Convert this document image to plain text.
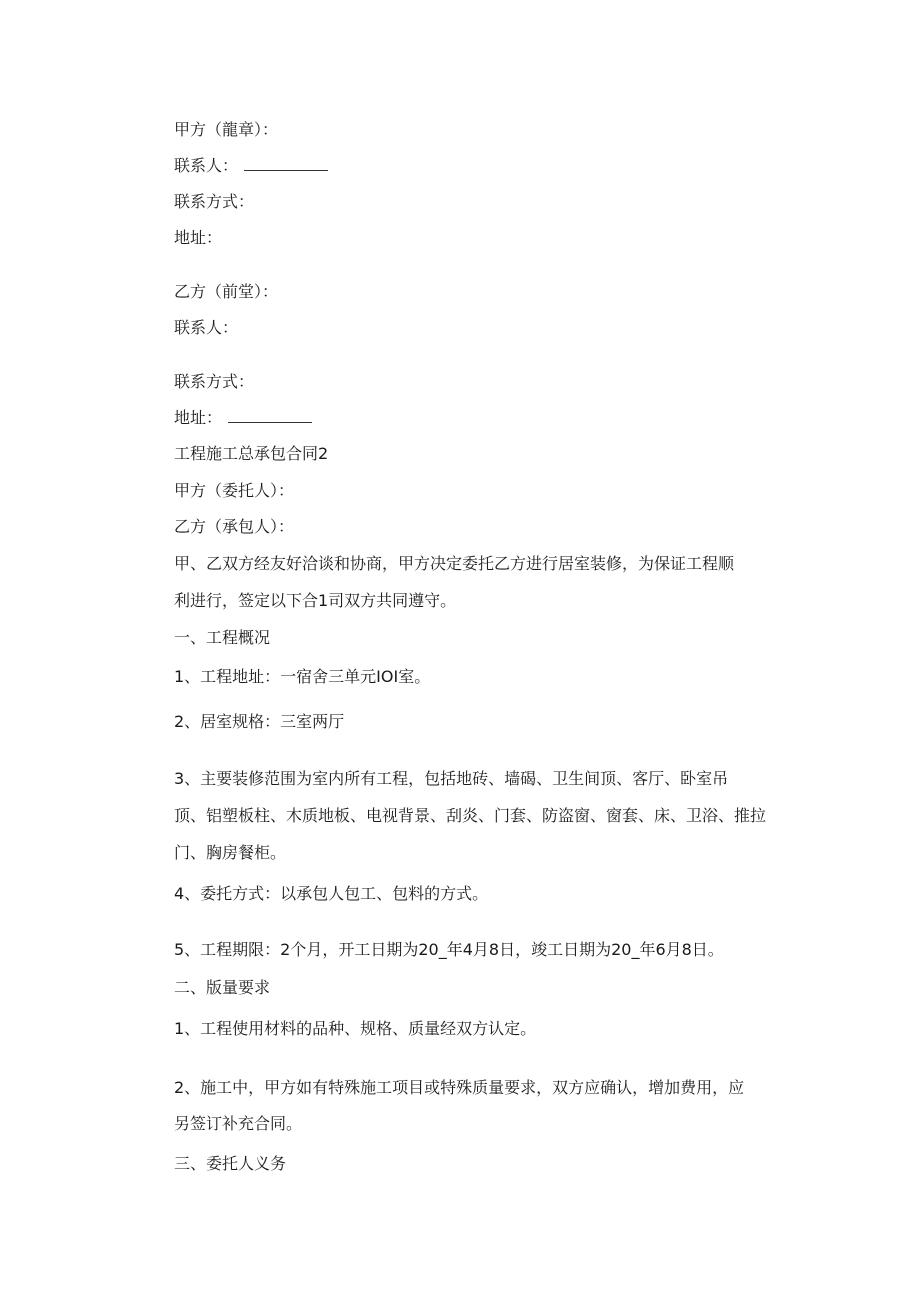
甲方（龍章）：
联系人：
联系方式：
地址：
乙方（前堂）：
联系人：
联系方式：
地址：
工程施工总承包合同2
甲方（委托人）：
乙方（承包人）：
甲、乙双方经友好洽谈和协商，甲方决定委托乙方进行居室装修，为保证工程顺
利进行，签定以下合1司双方共同遵守。
一、工程概况
1、工程地址：一宿舍三单元IOI室。
2、居室规格：三室两厅
3、主要装修范围为室内所有工程，包括地砖、墙碣、卫生间顶、客厅、卧室吊
顶、铝塑板柱、木质地板、电视背景、刮炎、门套、防盗窗、窗套、床、卫浴、推拉
门、胸房餐柜。
4、委托方式：以承包人包工、包料的方式。
5、工程期限：2个月，开工日期为20_年4月8日，竣工日期为20_年6月8日。
二、版量要求
1、工程使用材料的品种、规格、质量经双方认定。
2、施工中，甲方如有特殊施工项目或特殊质量要求，双方应确认，增加费用，应
另签订补充合同。
三、委托人义务
